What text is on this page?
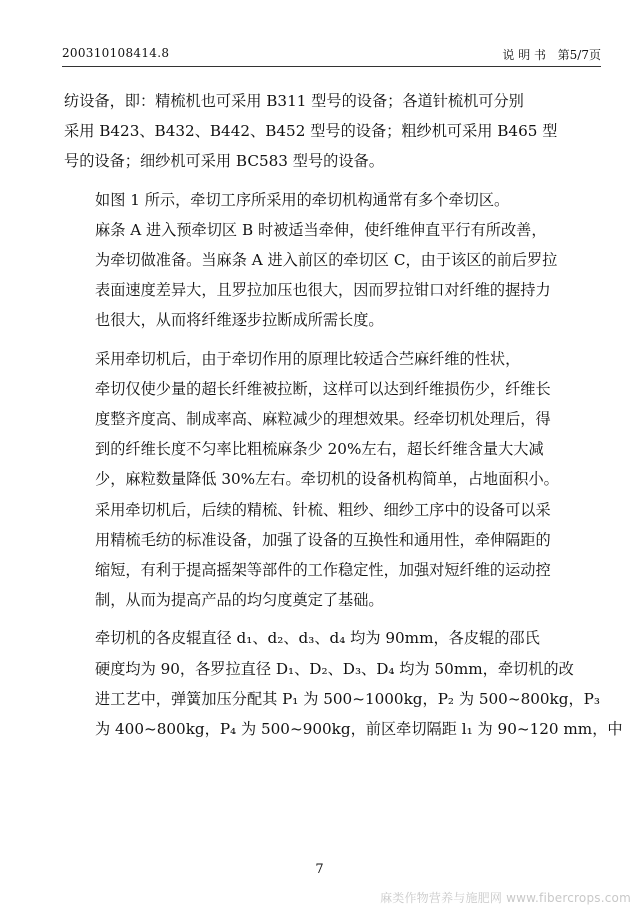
200310108414.8	说 明 书 第5/7页

纺设备，即：精梳机也可采用 B311 型号的设备；各道针梳机可分别
采用 B423、B432、B442、B452 型号的设备；粗纱机可采用 B465 型
号的设备；细纱机可采用 BC583 型号的设备。

如图 1 所示，牵切工序所采用的牵切机构通常有多个牵切区。
麻条 A 进入预牵切区 B 时被适当牵伸，使纤维伸直平行有所改善，
为牵切做准备。当麻条 A 进入前区的牵切区 C，由于该区的前后罗拉
表面速度差异大，且罗拉加压也很大，因而罗拉钳口对纤维的握持力
也很大，从而将纤维逐步拉断成所需长度。

采用牵切机后，由于牵切作用的原理比较适合苎麻纤维的性状，
牵切仅使少量的超长纤维被拉断，这样可以达到纤维损伤少，纤维长
度整齐度高、制成率高、麻粒减少的理想效果。经牵切机处理后，得
到的纤维长度不匀率比粗梳麻条少 20%左右，超长纤维含量大大减
少，麻粒数量降低 30%左右。牵切机的设备机构简单，占地面积小。
采用牵切机后，后续的精梳、针梳、粗纱、细纱工序中的设备可以采
用精梳毛纺的标准设备，加强了设备的互换性和通用性，牵伸隔距的
缩短，有利于提高摇架等部件的工作稳定性，加强对短纤维的运动控
制，从而为提高产品的均匀度奠定了基础。

牵切机的各皮辊直径 d₁、d₂、d₃、d₄ 均为 90mm，各皮辊的邵氏
硬度均为 90，各罗拉直径 D₁、D₂、D₃、D₄ 均为 50mm，牵切机的改
进工艺中，弹簧加压分配其 P₁ 为 500~1000kg，P₂ 为 500~800kg，P₃
为 400~800kg，P₄ 为 500~900kg，前区牵切隔距 l₁ 为 90~120 mm，中

7
麻类作物营养与施肥网 www.fibercrops.com
